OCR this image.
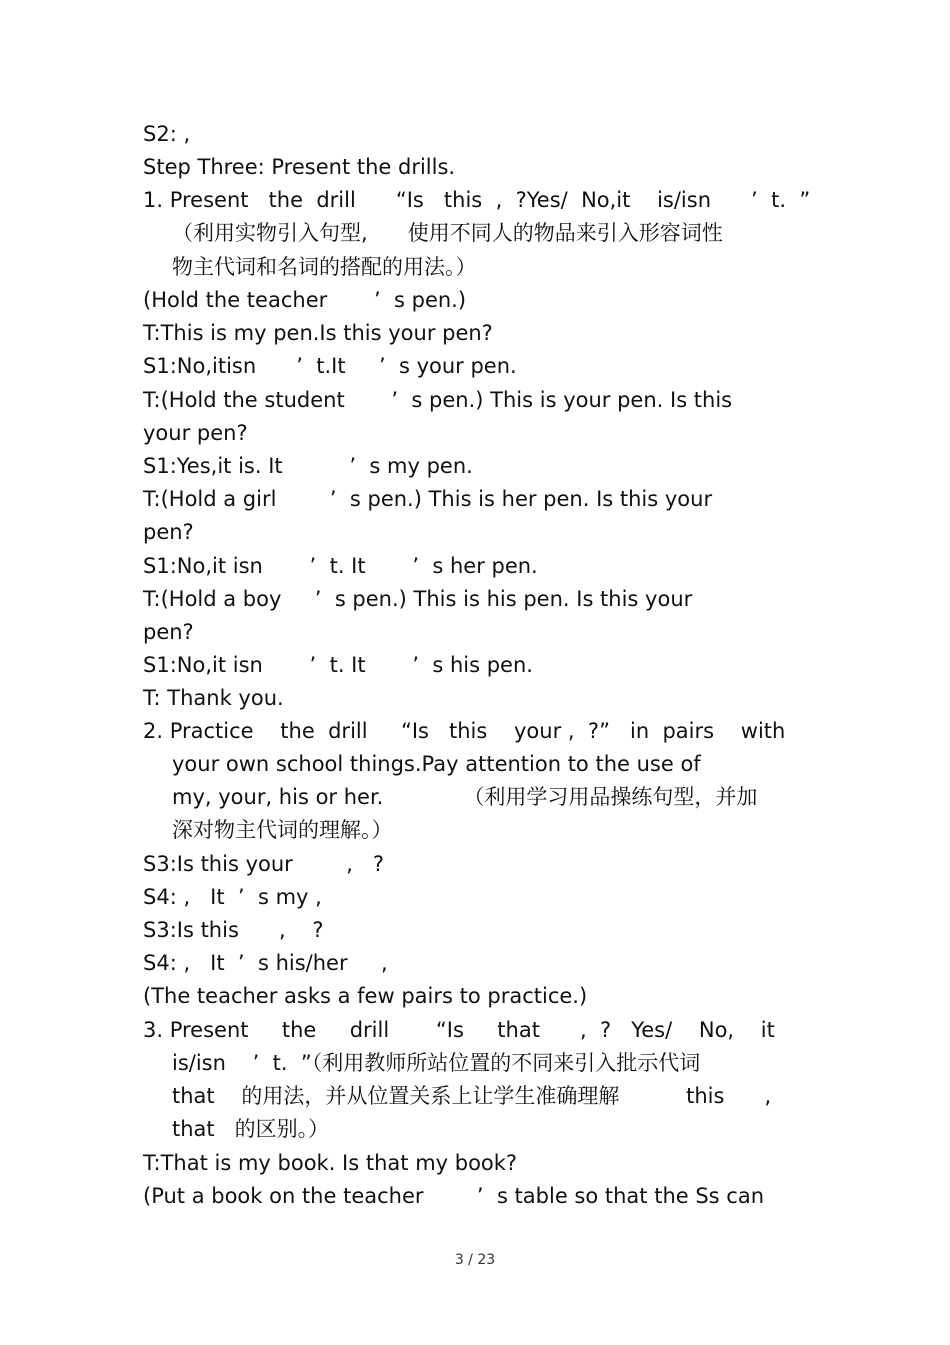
S2: ,
Step Three: Present the drills.
1. Present   the  drill      “Is   this  ,  ?Yes/  No,it    is/isn      ’  t.  ”
（利用实物引入句型,      使用不同人的物品来引入形容词性
物主代词和名词的搭配的用法。）
(Hold the teacher       ’  s pen.)
T:This is my pen.Is this your pen?
S1:No,itisn      ’  t.It     ’  s your pen.
T:(Hold the student       ’  s pen.) This is your pen. Is this
your pen?
S1:Yes,it is. It          ’  s my pen.
T:(Hold a girl        ’  s pen.) This is her pen. Is this your
pen?
S1:No,it isn       ’  t. It       ’  s her pen.
T:(Hold a boy     ’  s pen.) This is his pen. Is this your
pen?
S1:No,it isn       ’  t. It       ’  s his pen.
T: Thank you.
2. Practice    the  drill     “Is   this    your ,  ?”   in  pairs    with
your own school things.Pay attention to the use of
my, your, his or her.            （利用学习用品操练句型，并加
深对物主代词的理解。）
S3:Is this your        ,   ?
S4: ,   It  ’  s my ,
S3:Is this      ,    ?
S4: ,   It  ’  s his/her     ,
(The teacher asks a few pairs to practice.)
3. Present     the     drill       “Is     that      ,  ?   Yes/    No,    it
is/isn    ’  t.  ”（利用教师所站位置的不同来引入批示代词
that    的用法，并从位置关系上让学生准确理解          this      ,
that   的区别。）
T:That is my book. Is that my book?
(Put a book on the teacher        ’  s table so that the Ss can
3 / 23
